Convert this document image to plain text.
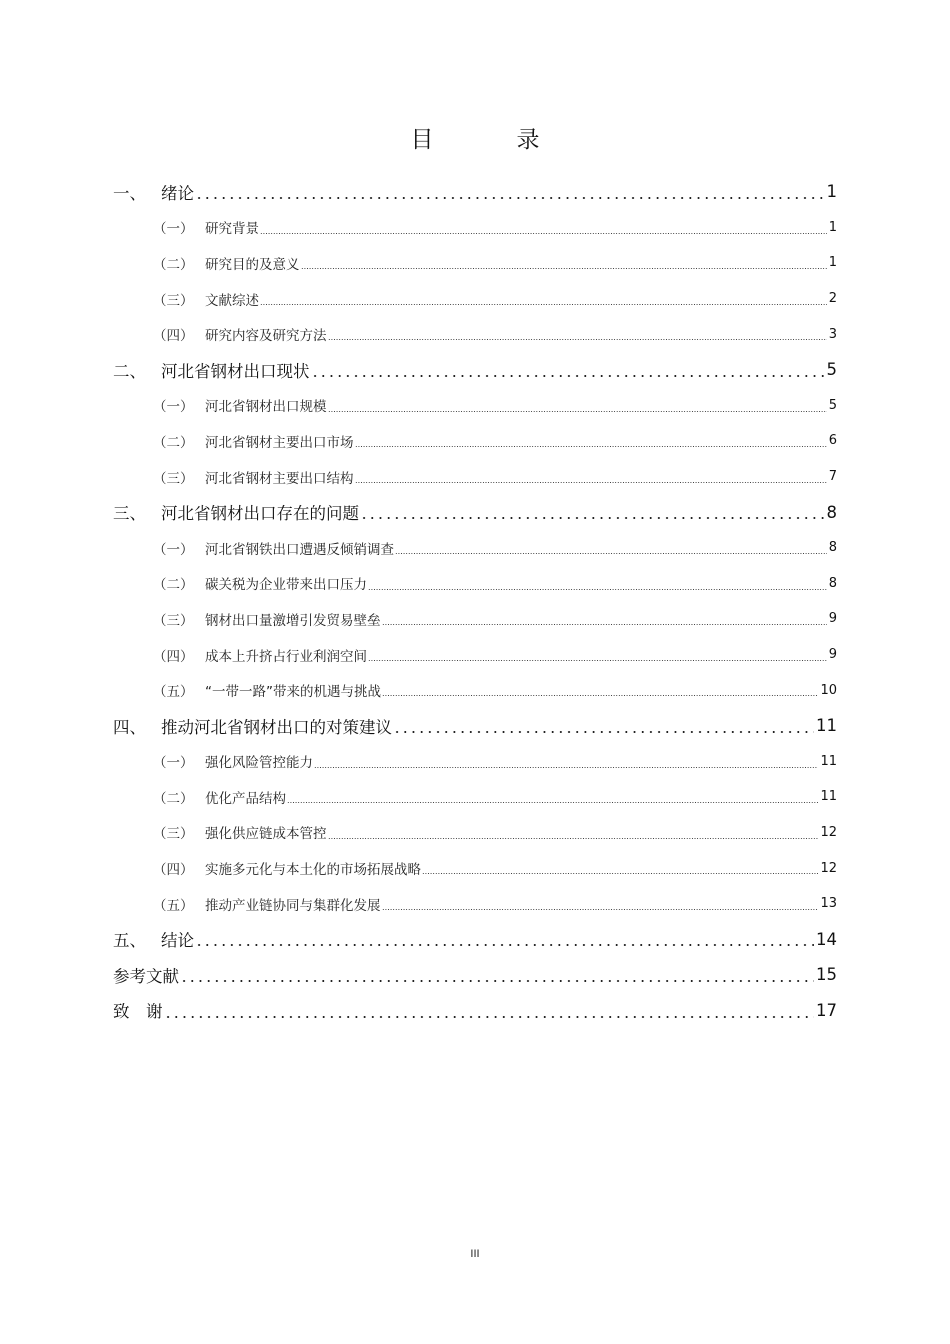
目　录
一、 绪论	1
（一） 研究背景	1
（二） 研究目的及意义	1
（三） 文献综述	2
（四） 研究内容及研究方法	3
二、 河北省钢材出口现状	5
（一） 河北省钢材出口规模	5
（二） 河北省钢材主要出口市场	6
（三） 河北省钢材主要出口结构	7
三、 河北省钢材出口存在的问题	8
（一） 河北省钢铁出口遭遇反倾销调查	8
（二） 碳关税为企业带来出口压力	8
（三） 钢材出口量激增引发贸易壁垒	9
（四） 成本上升挤占行业利润空间	9
（五） “一带一路”带来的机遇与挑战	10
四、 推动河北省钢材出口的对策建议	11
（一） 强化风险管控能力	11
（二） 优化产品结构	11
（三） 强化供应链成本管控	12
（四） 实施多元化与本土化的市场拓展战略	12
（五） 推动产业链协同与集群化发展	13
五、 结论	14
参考文献	15
致　谢	17
III
